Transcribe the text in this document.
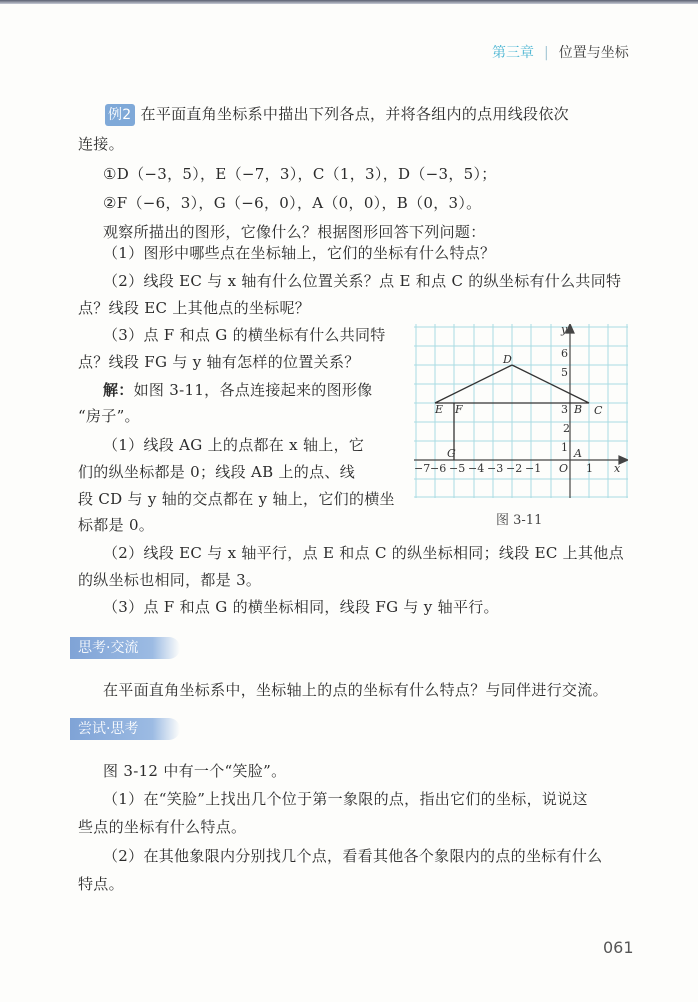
第三章 | 位置与坐标
例2 在平面直角坐标系中描出下列各点，并将各组内的点用线段依次
连接。
①D（−3，5），E（−7，3），C（1，3），D（−3，5）；
②F（−6，3），G（−6，0），A（0，0），B（0，3）。
观察所描出的图形，它像什么？根据图形回答下列问题：
（1）图形中哪些点在坐标轴上，它们的坐标有什么特点？
（2）线段 EC 与 x 轴有什么位置关系？点 E 和点 C 的纵坐标有什么共同特
点？线段 EC 上其他点的坐标呢？
（3）点 F 和点 G 的横坐标有什么共同特
点？线段 FG 与 y 轴有怎样的位置关系？
解：如图 3-11，各点连接起来的图形像
“房子”。
（1）线段 AG 上的点都在 x 轴上，它
们的纵坐标都是 0；线段 AB 上的点、线
段 CD 与 y 轴的交点都在 y 轴上，它们的横坐
标都是 0。
（2）线段 EC 与 x 轴平行，点 E 和点 C 的纵坐标相同；线段 EC 上其他点
的纵坐标也相同，都是 3。
（3）点 F 和点 G 的横坐标相同，线段 FG 与 y 轴平行。
−7 −6 −5 −4 −3 −2 −1 O 1 x
y
6
5
3
2
1
D
E F	B C
G	A
图 3-11
思考·交流
在平面直角坐标系中，坐标轴上的点的坐标有什么特点？与同伴进行交流。
尝试·思考
图 3-12 中有一个“笑脸”。
（1）在“笑脸”上找出几个位于第一象限的点，指出它们的坐标，说说这
些点的坐标有什么特点。
（2）在其他象限内分别找几个点，看看其他各个象限内的点的坐标有什么
特点。
061
